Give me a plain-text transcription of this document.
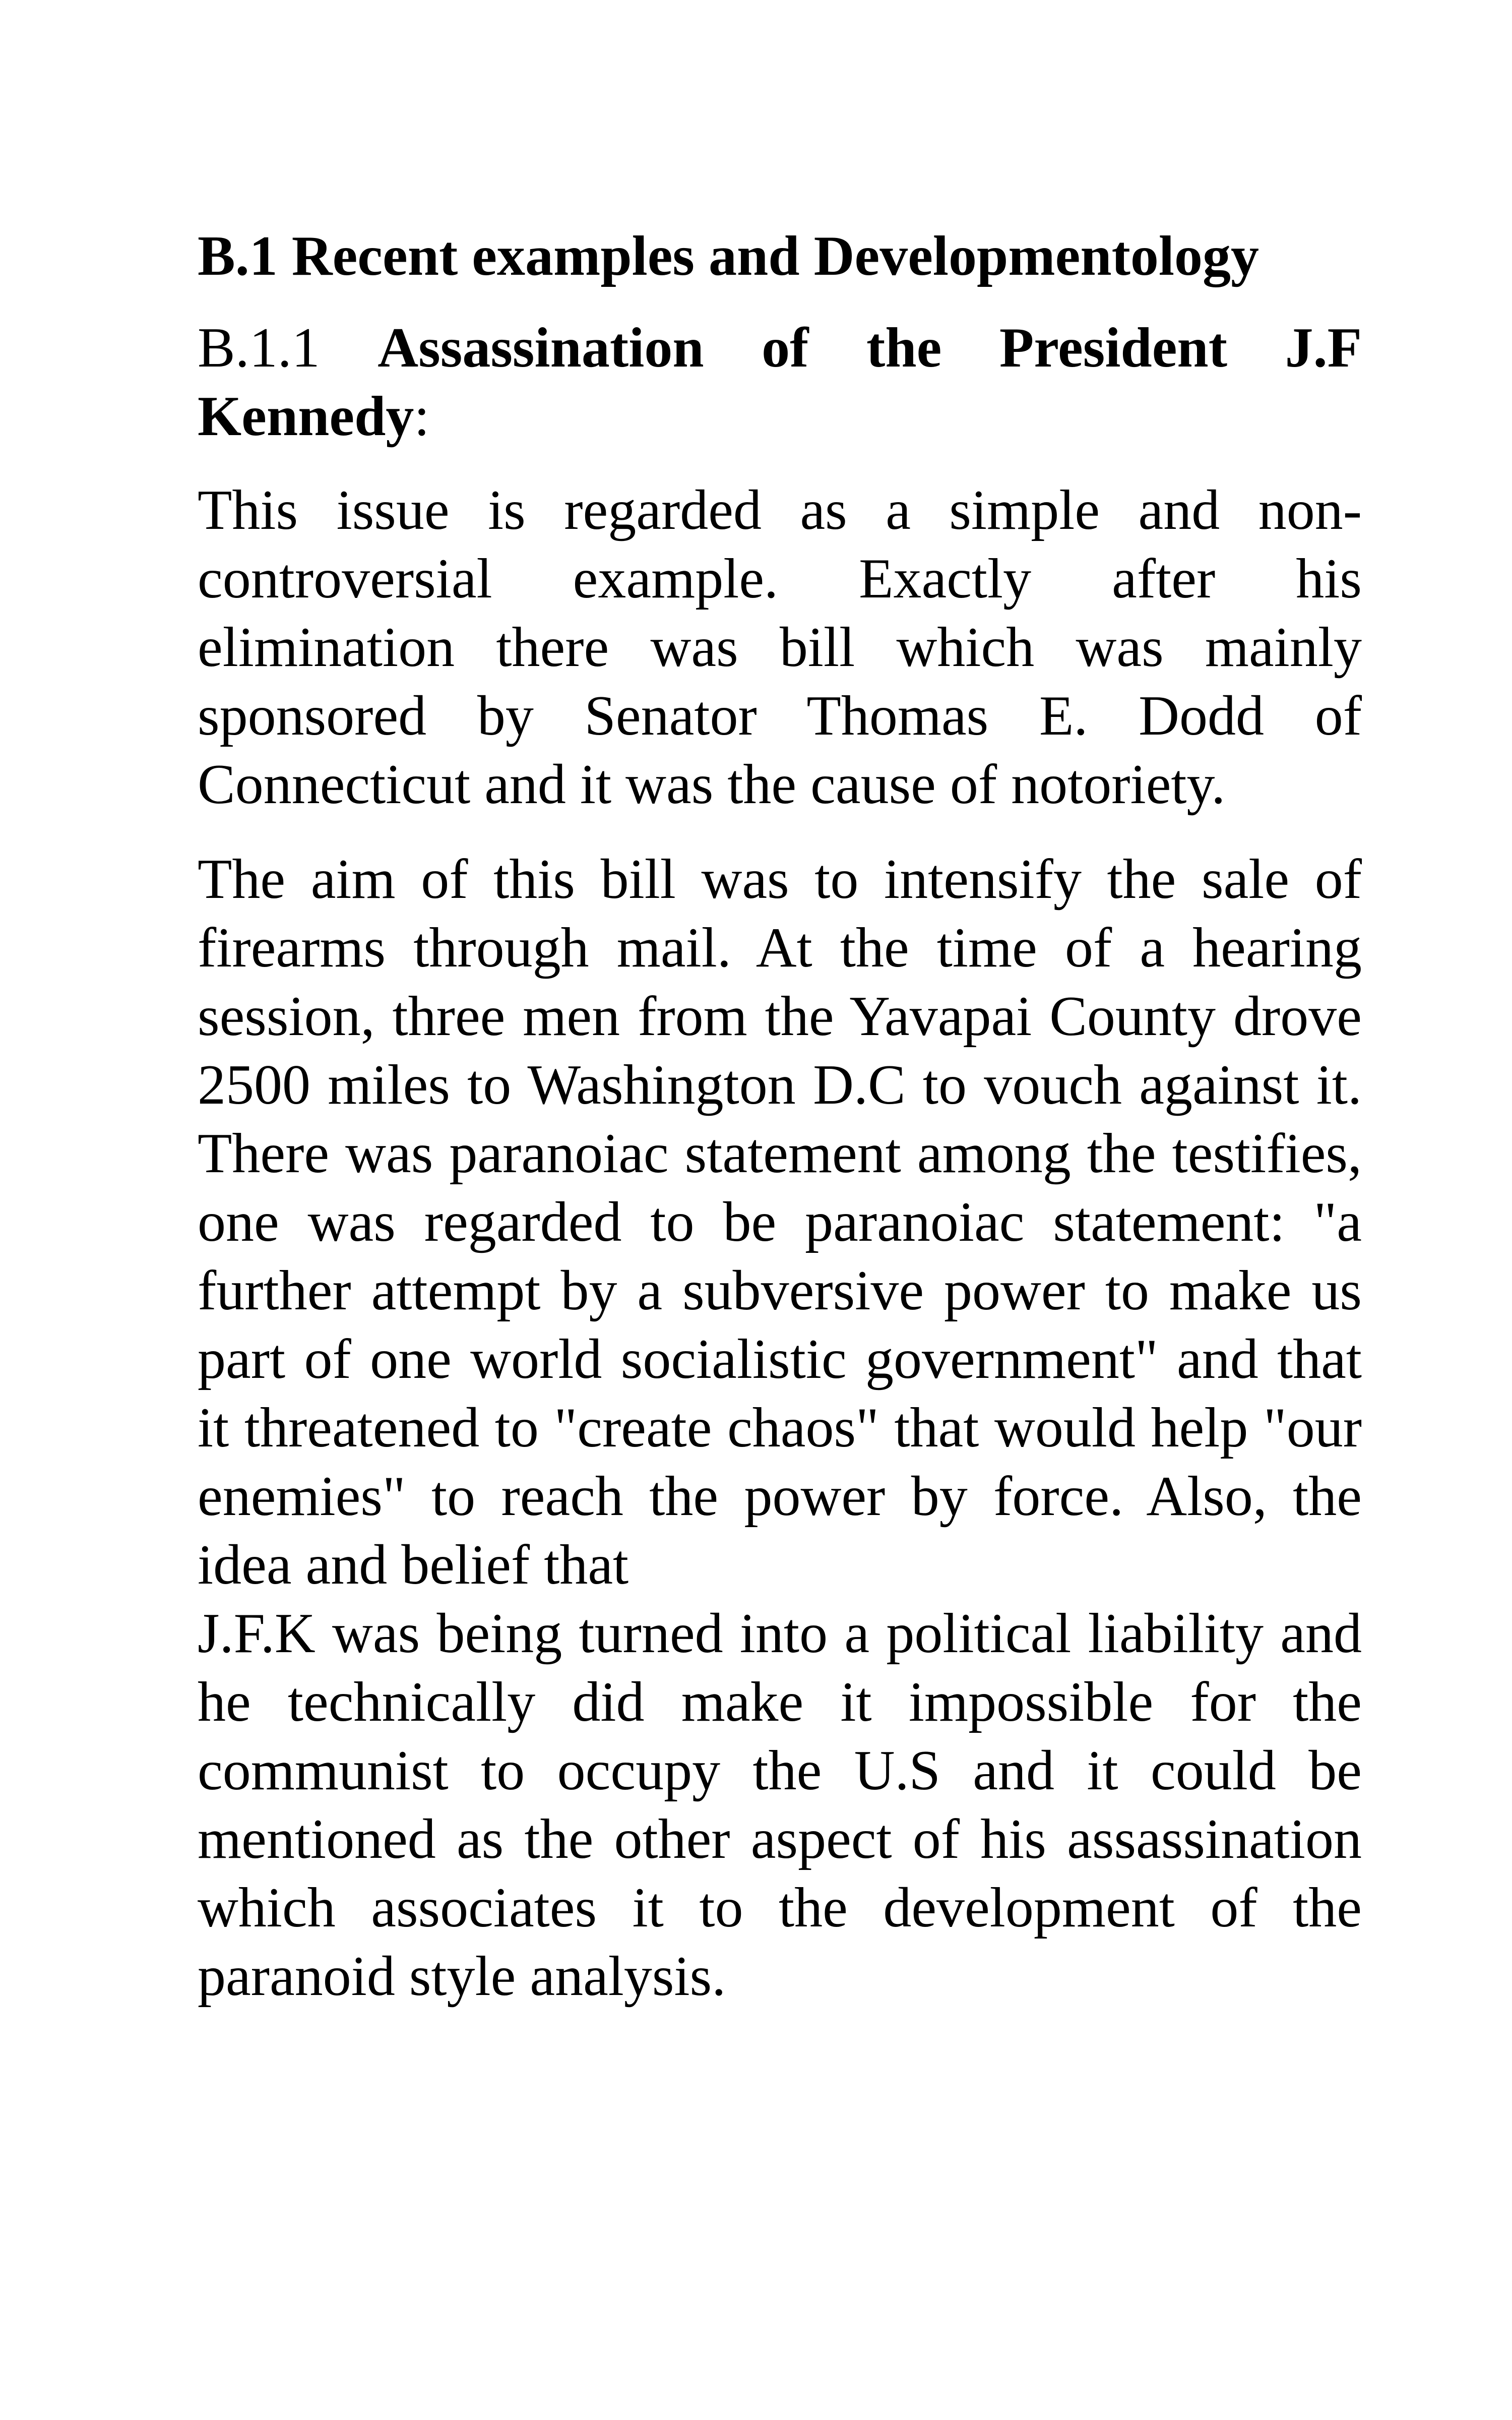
B.1 Recent examples and Developmentology
B.1.1 Assassination of the President J.F Kennedy:

This issue is regarded as a simple and non-controversial example. Exactly after his elimination there was bill which was mainly sponsored by Senator Thomas E. Dodd of Connecticut and it was the cause of notoriety.

The aim of this bill was to intensify the sale of firearms through mail. At the time of a hearing session, three men from the Yavapai County drove 2500 miles to Washington D.C to vouch against it. There was paranoiac statement among the testifies, one was regarded to be paranoiac statement: "a further attempt by a subversive power to make us part of one world socialistic government" and that it threatened to "create chaos" that would help "our enemies" to reach the power by force. Also, the idea and belief that

J.F.K was being turned into a political liability and he technically did make it impossible for the communist to occupy the U.S and it could be mentioned as the other aspect of his assassination which associates it to the development of the paranoid style analysis.
